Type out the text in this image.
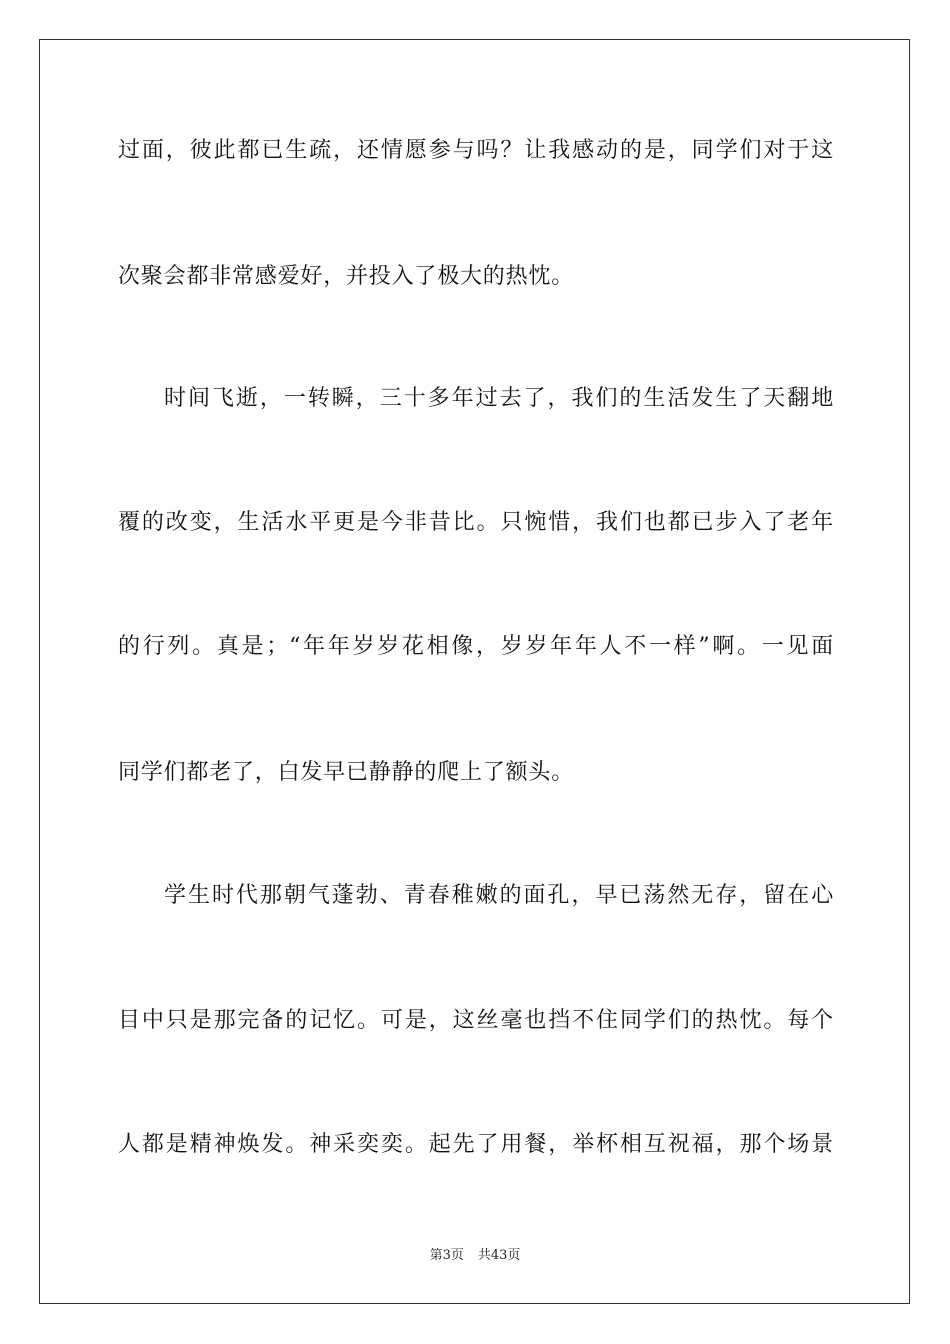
过面，彼此都已生疏，还情愿参与吗？让我感动的是，同学们对于这
次聚会都非常感爱好，并投入了极大的热忱。
时间飞逝，一转瞬，三十多年过去了，我们的生活发生了天翻地
覆的改变，生活水平更是今非昔比。只惋惜，我们也都已步入了老年
的行列。真是；“年年岁岁花相像，岁岁年年人不一样”啊。一见面
同学们都老了，白发早已静静的爬上了额头。
学生时代那朝气蓬勃、青春稚嫩的面孔，早已荡然无存，留在心
目中只是那完备的记忆。可是，这丝毫也挡不住同学们的热忱。每个
人都是精神焕发。神采奕奕。起先了用餐，举杯相互祝福，那个场景
第3页 共43页
